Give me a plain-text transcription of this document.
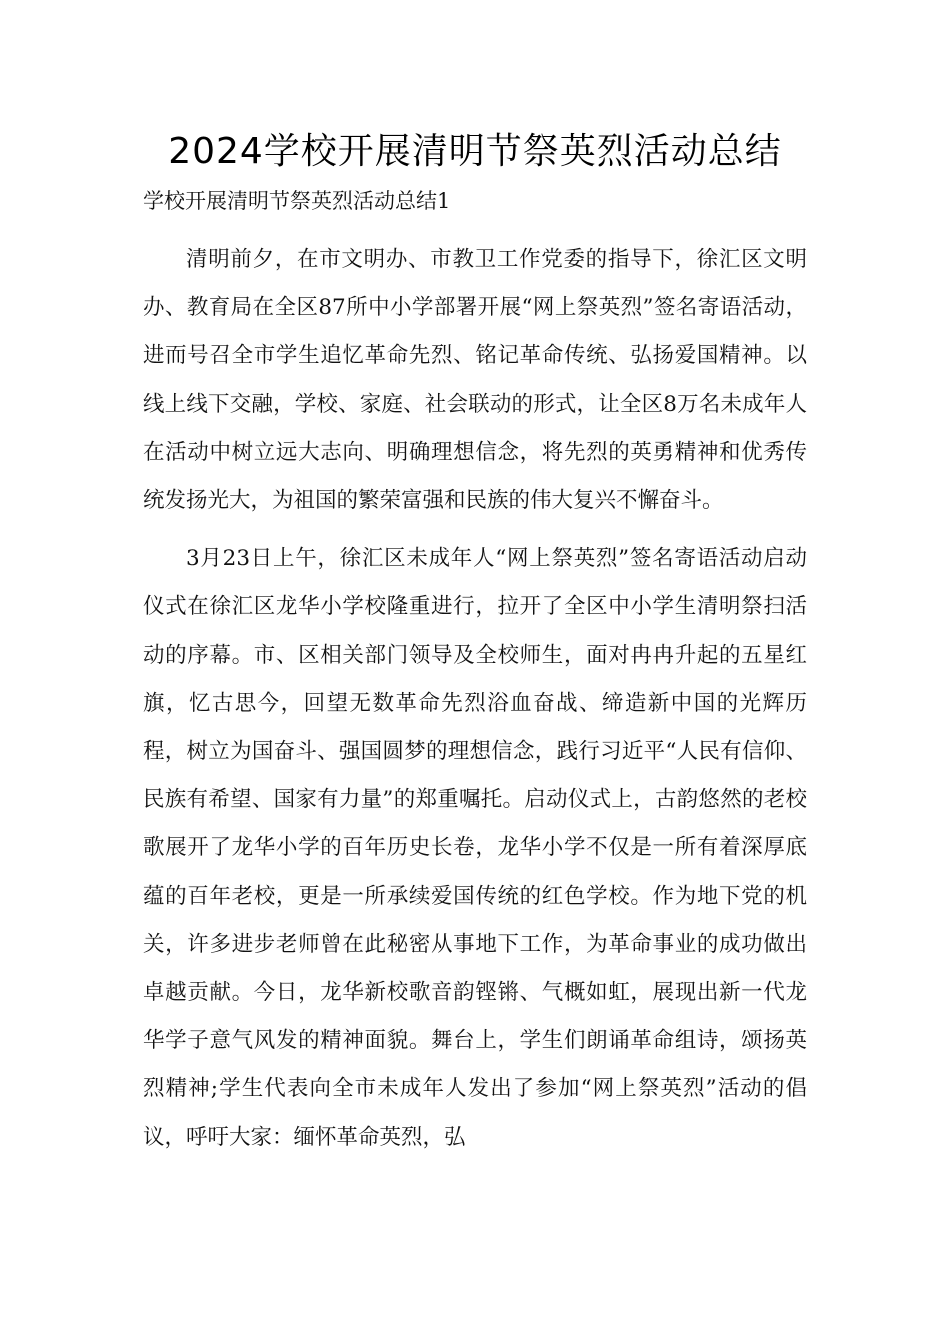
2024学校开展清明节祭英烈活动总结
学校开展清明节祭英烈活动总结1

清明前夕，在市文明办、市教卫工作党委的指导下，徐汇区文明办、教育局在全区87所中小学部署开展“网上祭英烈”签名寄语活动，进而号召全市学生追忆革命先烈、铭记革命传统、弘扬爱国精神。以线上线下交融，学校、家庭、社会联动的形式，让全区8万名未成年人在活动中树立远大志向、明确理想信念，将先烈的英勇精神和优秀传统发扬光大，为祖国的繁荣富强和民族的伟大复兴不懈奋斗。

3月23日上午，徐汇区未成年人“网上祭英烈”签名寄语活动启动仪式在徐汇区龙华小学校隆重进行，拉开了全区中小学生清明祭扫活动的序幕。市、区相关部门领导及全校师生，面对冉冉升起的五星红旗，忆古思今，回望无数革命先烈浴血奋战、缔造新中国的光辉历程，树立为国奋斗、强国圆梦的理想信念，践行习近平“人民有信仰、民族有希望、国家有力量”的郑重嘱托。启动仪式上，古韵悠然的老校歌展开了龙华小学的百年历史长卷，龙华小学不仅是一所有着深厚底蕴的百年老校，更是一所承续爱国传统的红色学校。作为地下党的机关，许多进步老师曾在此秘密从事地下工作，为革命事业的成功做出卓越贡献。今日，龙华新校歌音韵铿锵、气概如虹，展现出新一代龙华学子意气风发的精神面貌。舞台上，学生们朗诵革命组诗，颂扬英烈精神;学生代表向全市未成年人发出了参加“网上祭英烈”活动的倡议，呼吁大家：缅怀革命英烈，弘
